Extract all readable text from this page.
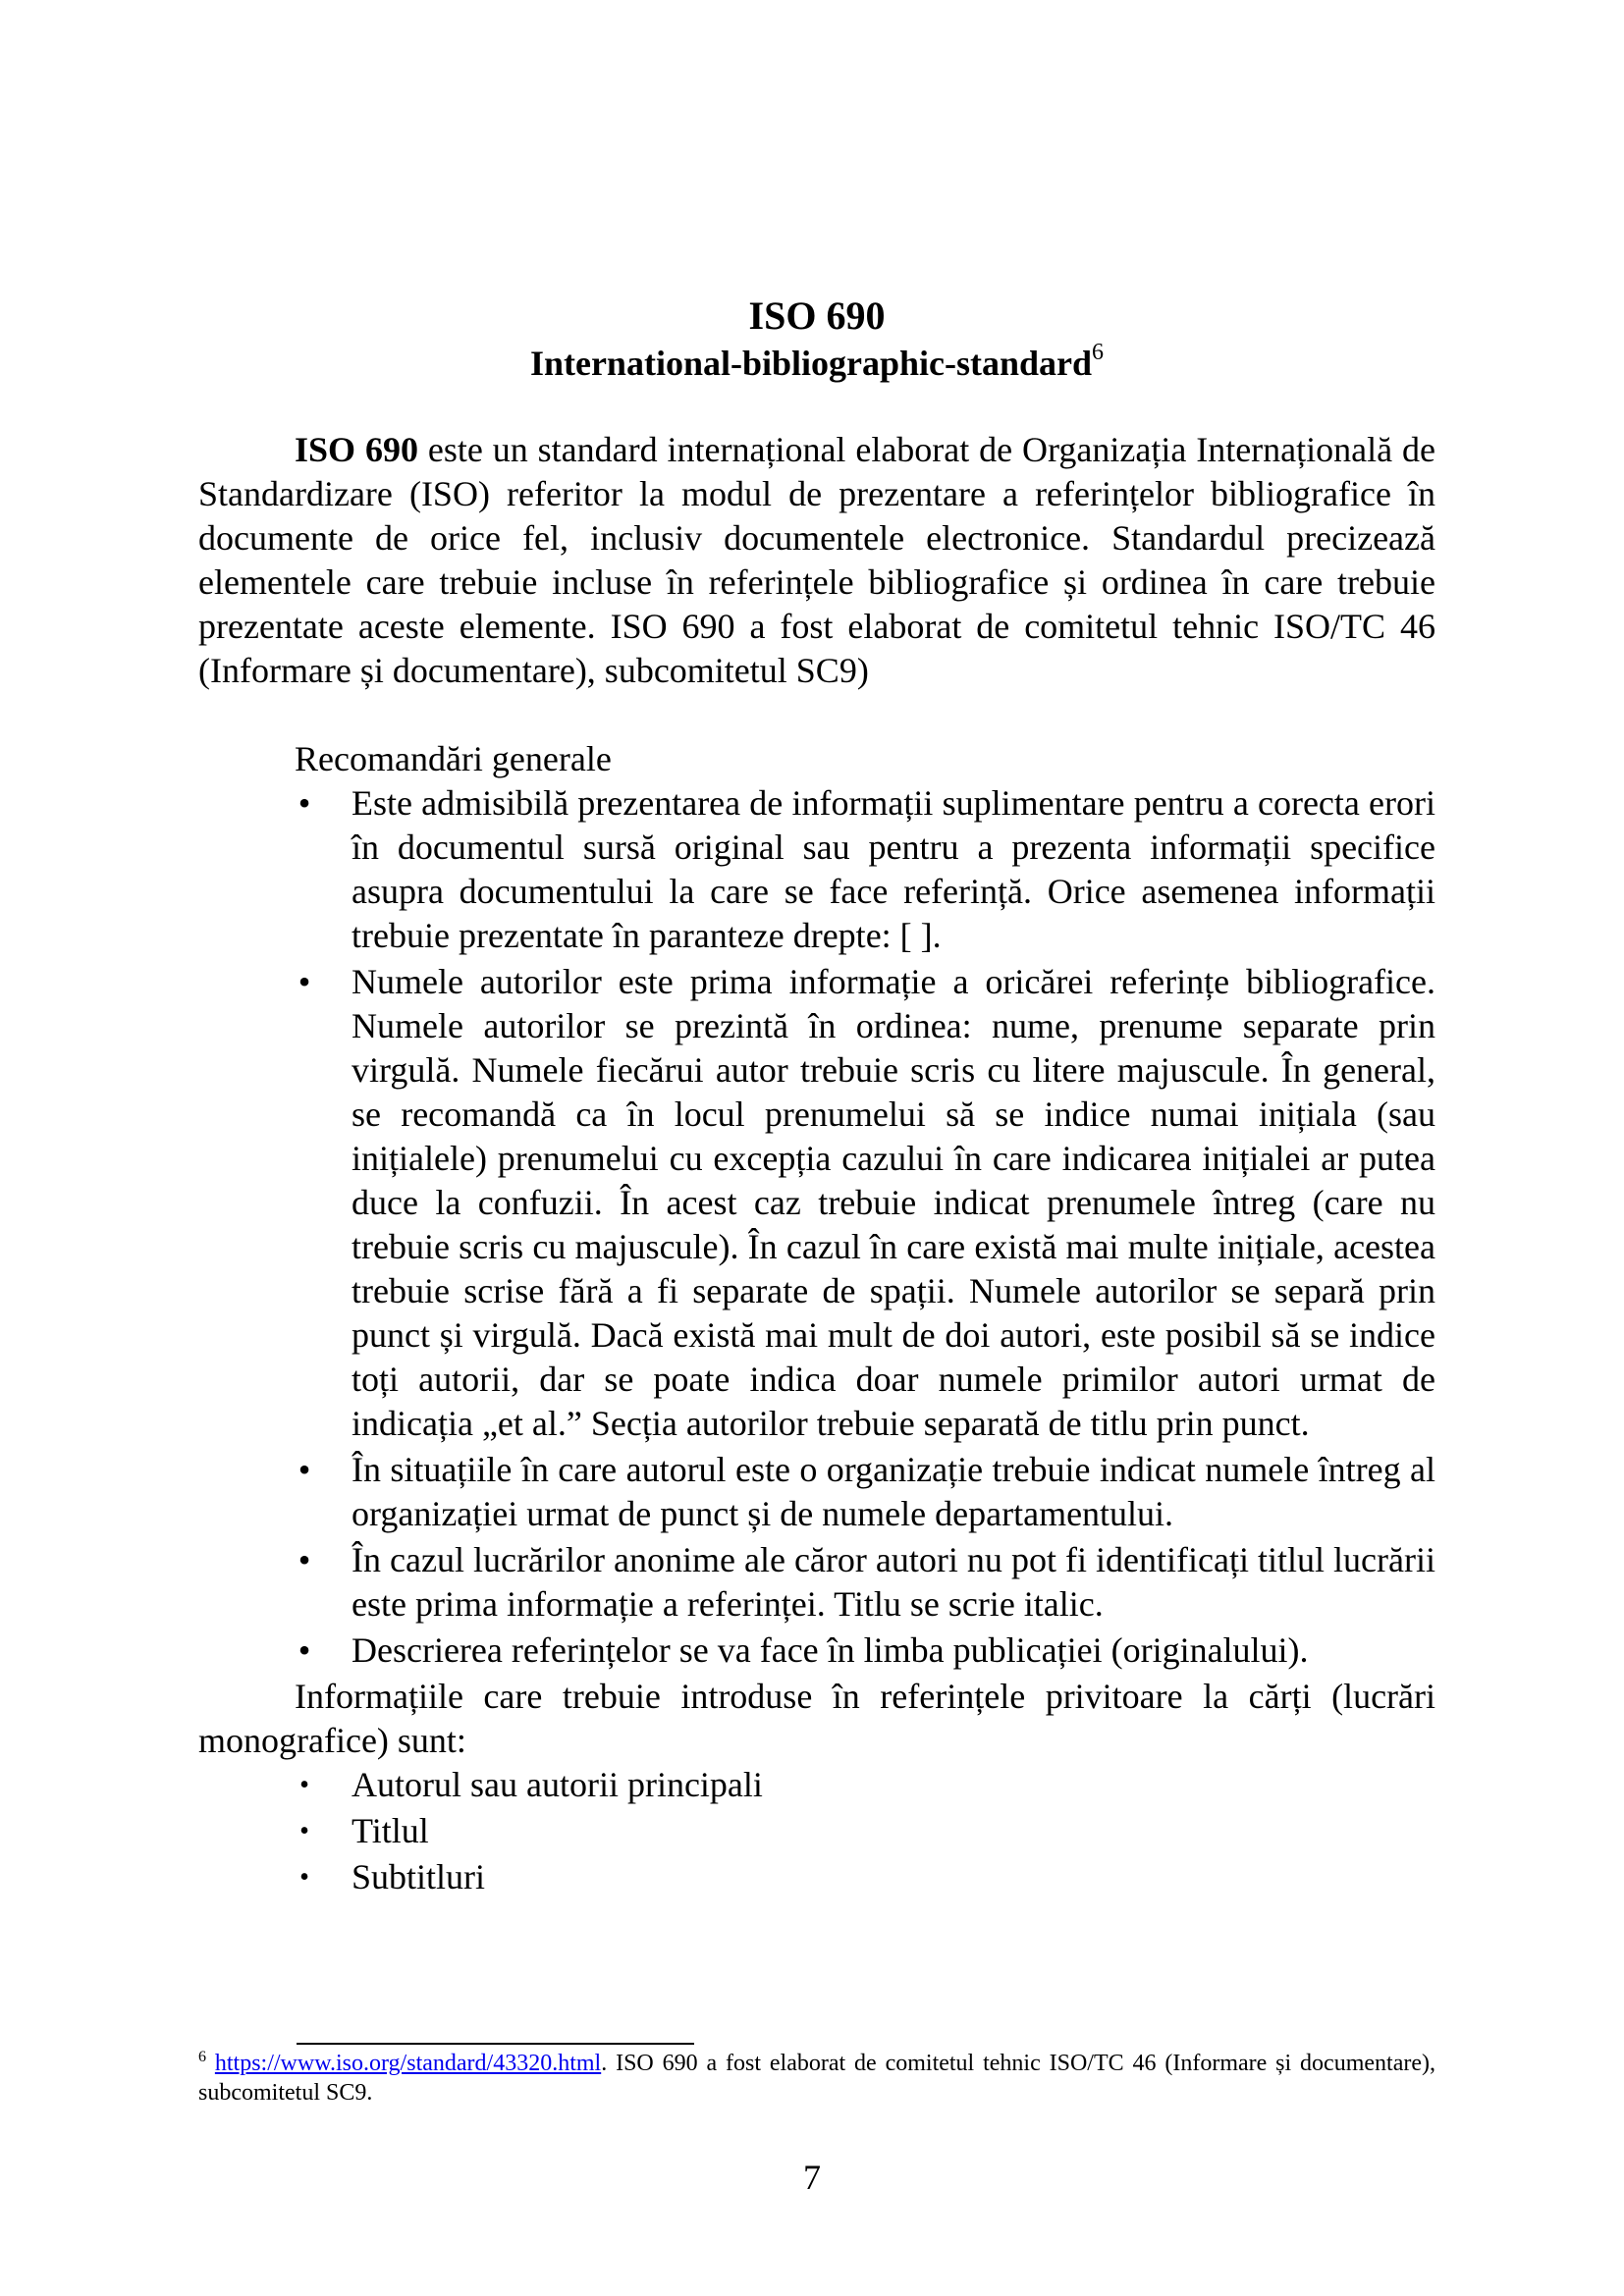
ISO 690
International-bibliographic-standard$^6$

ISO 690 este un standard internațional elaborat de Organizația Internațională de Standardizare (ISO) referitor la modul de prezentare a referințelor bibliografice în documente de orice fel, inclusiv documentele electronice. Standardul precizează elementele care trebuie incluse în referințele bibliografice și ordinea în care trebuie prezentate aceste elemente. ISO 690 a fost elaborat de comitetul tehnic ISO/TC 46 (Informare și documentare), subcomitetul SC9)

Recomandări generale
• Este admisibilă prezentarea de informații suplimentare pentru a corecta erori în documentul sursă original sau pentru a prezenta informații specifice asupra documentului la care se face referință. Orice asemenea informații trebuie prezentate în paranteze drepte: [ ].
• Numele autorilor este prima informație a oricărei referințe bibliografice. Numele autorilor se prezintă în ordinea: nume, prenume separate prin virgulă. Numele fiecărui autor trebuie scris cu litere majuscule. În general, se recomandă ca în locul prenumelui să se indice numai inițiala (sau inițialele) prenumelui cu excepția cazului în care indicarea inițialei ar putea duce la confuzii. În acest caz trebuie indicat prenumele întreg (care nu trebuie scris cu majuscule). În cazul în care există mai multe inițiale, acestea trebuie scrise fără a fi separate de spații. Numele autorilor se separă prin punct și virgulă. Dacă există mai mult de doi autori, este posibil să se indice toți autorii, dar se poate indica doar numele primilor autori urmat de indicația „et al.” Secția autorilor trebuie separată de titlu prin punct.
• În situațiile în care autorul este o organizație trebuie indicat numele întreg al organizației urmat de punct și de numele departamentului.
• În cazul lucrărilor anonime ale căror autori nu pot fi identificați titlul lucrării este prima informație a referinței. Titlu se scrie italic.
• Descrierea referințelor se va face în limba publicației (originalului).

Informațiile care trebuie introduse în referințele privitoare la cărți (lucrări monografice) sunt:

• Autorul sau autorii principali
• Titlul
• Subtitluri
$^6$ https://www.iso.org/standard/43320.html. ISO 690 a fost elaborat de comitetul tehnic ISO/TC 46 (Informare și documentare), subcomitetul SC9.
7
